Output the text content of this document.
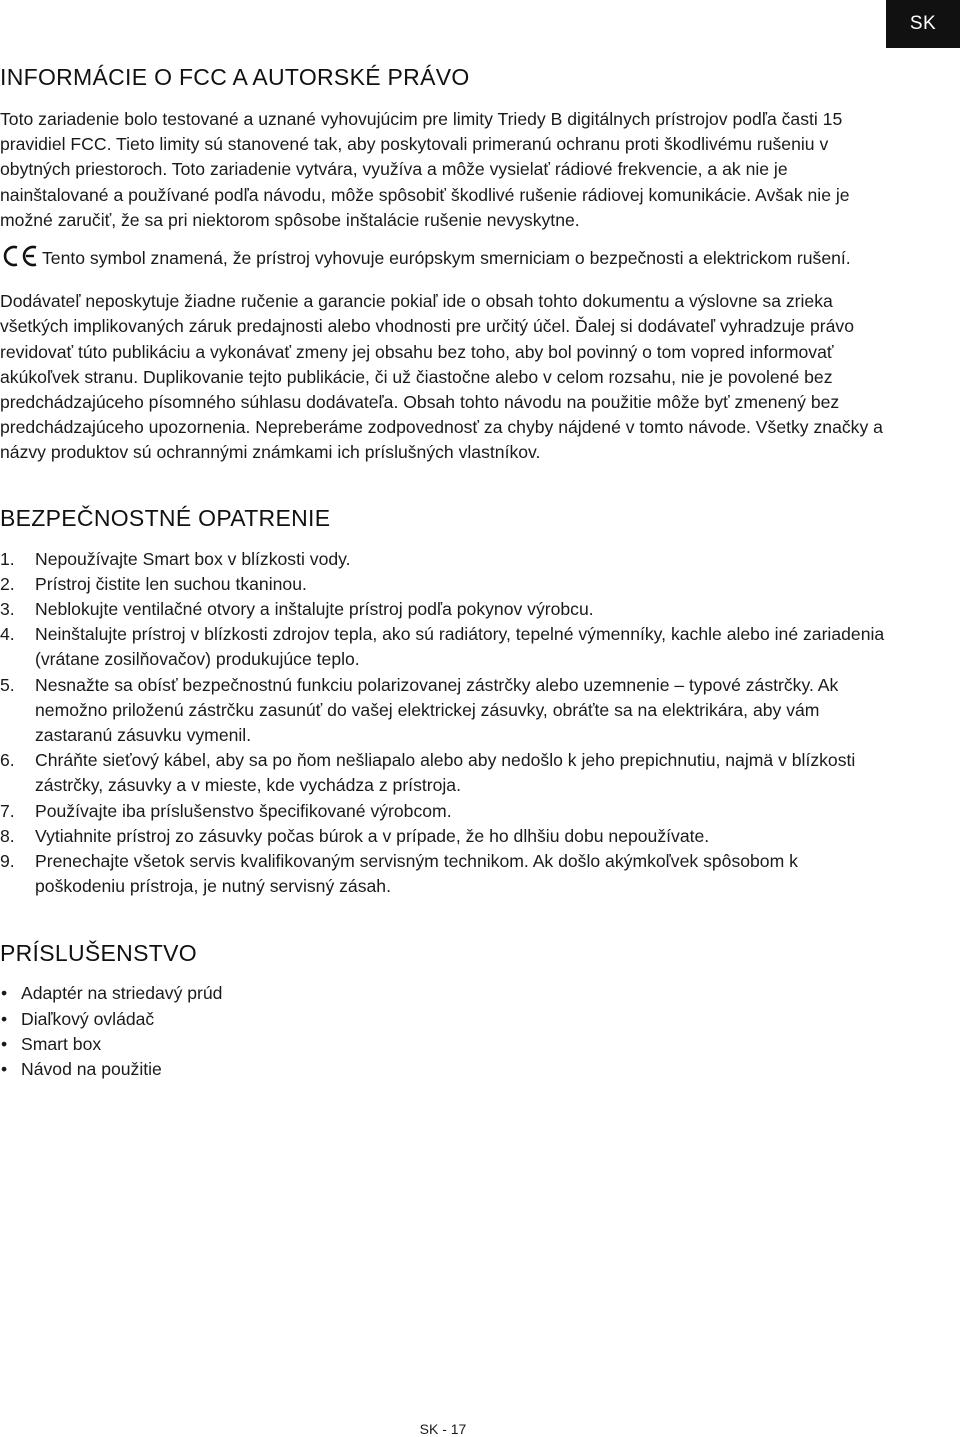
SK
INFORMÁCIE O FCC A AUTORSKÉ PRÁVO

Toto zariadenie bolo testované a uznané vyhovujúcim pre limity Triedy B digitálnych prístrojov podľa časti 15 pravidiel FCC. Tieto limity sú stanovené tak, aby poskytovali primeranú ochranu proti škodlivému rušeniu v obytných priestoroch. Toto zariadenie vytvára, využíva a môže vysielať rádiové frekvencie, a ak nie je nainštalované a používané podľa návodu, môže spôsobiť škodlivé rušenie rádiovej komunikácie. Avšak nie je možné zaručiť, že sa pri niektorom spôsobe inštalácie rušenie nevyskytne.

Tento symbol znamená, že prístroj vyhovuje európskym smerniciam o bezpečnosti a elektrickom rušení.

Dodávateľ neposkytuje žiadne ručenie a garancie pokiaľ ide o obsah tohto dokumentu a výslovne sa zrieka všetkých implikovaných záruk predajnosti alebo vhodnosti pre určitý účel. Ďalej si dodávateľ vyhradzuje právo revidovať túto publikáciu a vykonávať zmeny jej obsahu bez toho, aby bol povinný o tom vopred informovať akúkoľvek stranu. Duplikovanie tejto publikácie, či už čiastočne alebo v celom rozsahu, nie je povolené bez predchádzajúceho písomného súhlasu dodávateľa. Obsah tohto návodu na použitie môže byť zmenený bez predchádzajúceho upozornenia. Nepreberáme zodpovednosť za chyby nájdené v tomto návode. Všetky značky a názvy produktov sú ochrannými známkami ich príslušných vlastníkov.

BEZPEČNOSTNÉ OPATRENIE
1. Nepoužívajte Smart box v blízkosti vody.
2. Prístroj čistite len suchou tkaninou.
3. Neblokujte ventilačné otvory a inštalujte prístroj podľa pokynov výrobcu.
4. Neinštalujte prístroj v blízkosti zdrojov tepla, ako sú radiátory, tepelné výmenníky, kachle alebo iné zariadenia (vrátane zosilňovačov) produkujúce teplo.
5. Nesnažte sa obísť bezpečnostnú funkciu polarizovanej zástrčky alebo uzemnenie – typové zástrčky. Ak nemožno priloženú zástrčku zasunúť do vašej elektrickej zásuvky, obráťte sa na elektrikára, aby vám zastaranú zásuvku vymenil.
6. Chráňte sieťový kábel, aby sa po ňom nešliapalo alebo aby nedošlo k jeho prepichnutiu, najmä v blízkosti zástrčky, zásuvky a v mieste, kde vychádza z prístroja.
7. Používajte iba príslušenstvo špecifikované výrobcom.
8. Vytiahnite prístroj zo zásuvky počas búrok a v prípade, že ho dlhšiu dobu nepoužívate.
9. Prenechajte všetok servis kvalifikovaným servisným technikom. Ak došlo akýmkoľvek spôsobom k poškodeniu prístroja, je nutný servisný zásah.
PRÍSLUŠENSTVO
• Adaptér na striedavý prúd
• Diaľkový ovládač
• Smart box
• Návod na použitie
SK - 17
